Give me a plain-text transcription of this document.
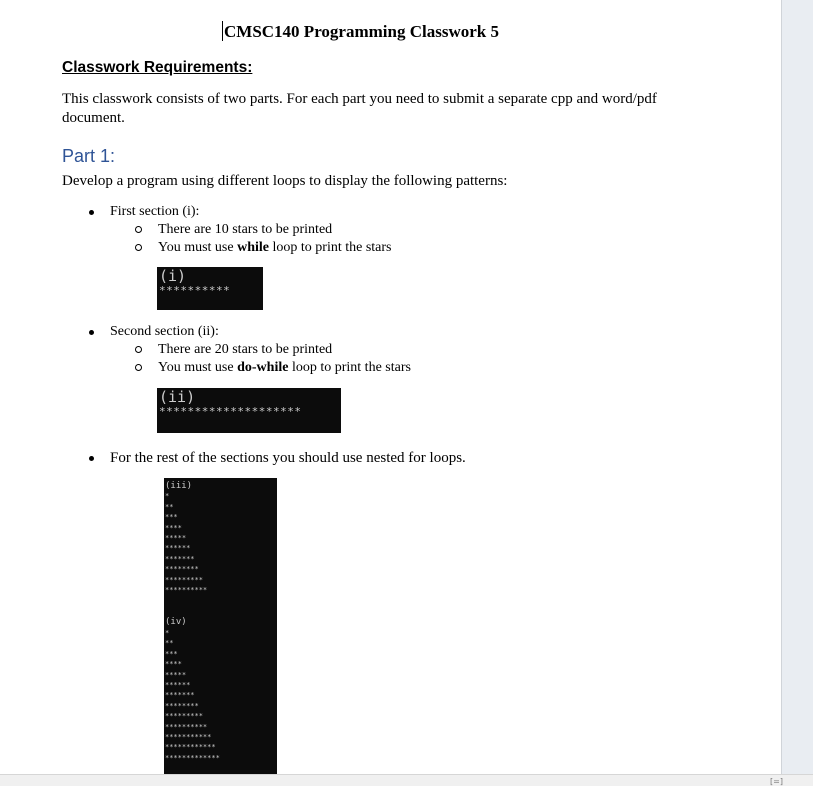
CMSC140 Programming Classwork 5
Classwork Requirements:
This classwork consists of two parts. For each part you need to submit a separate cpp and word/pdf document.
Part 1:
Develop a program using different loops to display the following patterns:
First section (i):
There are 10 stars to be printed
You must use while loop to print the stars
(i)
**********
Second section (ii):
There are 20 stars to be printed
You must use do-while loop to print the stars
(ii)
********************
For the rest of the sections you should use nested for loops.
(iii)
*
**
***
****
*****
******
*******
********
*********
**********
(iv)
*
**
***
****
*****
******
*******
********
*********
**********
***********
************
*************
[=]
